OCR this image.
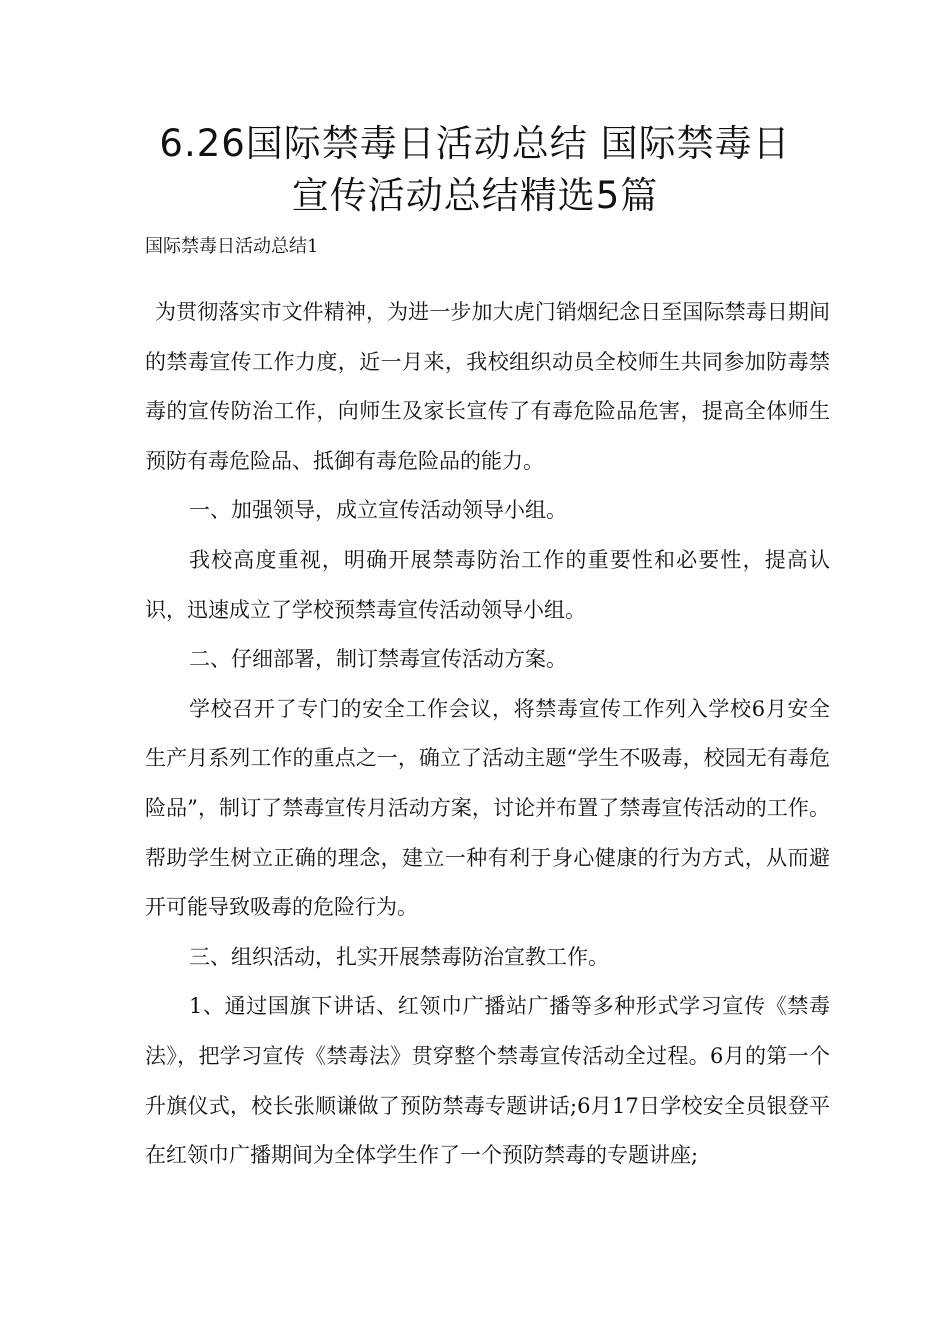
6.26国际禁毒日活动总结 国际禁毒日
宣传活动总结精选5篇

国际禁毒日活动总结1

为贯彻落实市文件精神，为进一步加大虎门销烟纪念日至国际禁毒日期间的禁毒宣传工作力度，近一月来，我校组织动员全校师生共同参加防毒禁毒的宣传防治工作，向师生及家长宣传了有毒危险品危害，提高全体师生预防有毒危险品、抵御有毒危险品的能力。

一、加强领导，成立宣传活动领导小组。

我校高度重视，明确开展禁毒防治工作的重要性和必要性，提高认识，迅速成立了学校预禁毒宣传活动领导小组。

二、仔细部署，制订禁毒宣传活动方案。

学校召开了专门的安全工作会议，将禁毒宣传工作列入学校6月安全生产月系列工作的重点之一，确立了活动主题“学生不吸毒，校园无有毒危险品”，制订了禁毒宣传月活动方案，讨论并布置了禁毒宣传活动的工作。帮助学生树立正确的理念，建立一种有利于身心健康的行为方式，从而避开可能导致吸毒的危险行为。

三、组织活动，扎实开展禁毒防治宣教工作。

1、通过国旗下讲话、红领巾广播站广播等多种形式学习宣传《禁毒法》，把学习宣传《禁毒法》贯穿整个禁毒宣传活动全过程。6月的第一个升旗仪式，校长张顺谦做了预防禁毒专题讲话;6月17日学校安全员银登平在红领巾广播期间为全体学生作了一个预防禁毒的专题讲座;
